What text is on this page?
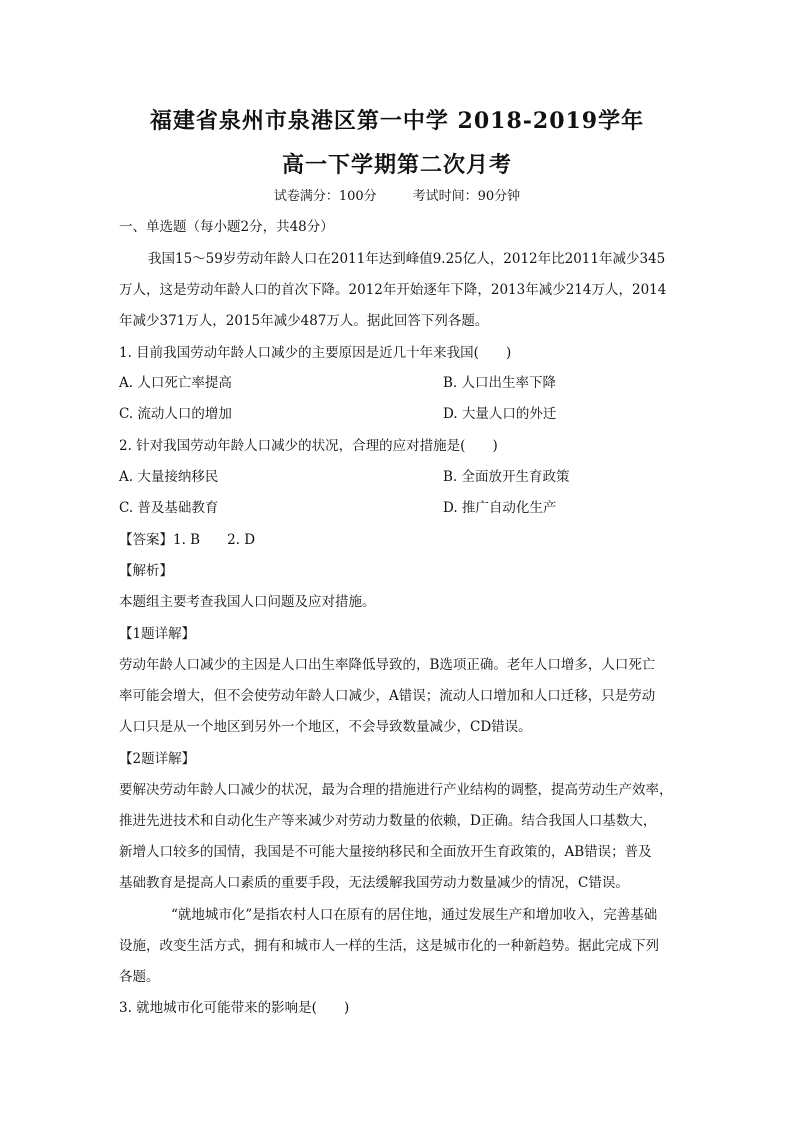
福建省泉州市泉港区第一中学 2018-2019学年
高一下学期第二次月考
试卷满分：100分	考试时间：90分钟
一、单选题（每小题2分，共48分）
我国15～59岁劳动年龄人口在2011年达到峰值9.25亿人，2012年比2011年减少345
万人，这是劳动年龄人口的首次下降。2012年开始逐年下降，2013年减少214万人，2014
年减少371万人，2015年减少487万人。据此回答下列各题。
1. 目前我国劳动年龄人口减少的主要原因是近几十年来我国(　　)
A. 人口死亡率提高	B. 人口出生率下降
C. 流动人口的增加	D. 大量人口的外迁
2. 针对我国劳动年龄人口减少的状况，合理的应对措施是(　　)
A. 大量接纳移民	B. 全面放开生育政策
C. 普及基础教育	D. 推广自动化生产
【答案】1. B　　2. D
【解析】
本题组主要考查我国人口问题及应对措施。
【1题详解】
劳动年龄人口减少的主因是人口出生率降低导致的，B选项正确。老年人口增多，人口死亡
率可能会增大，但不会使劳动年龄人口减少，A错误；流动人口增加和人口迁移，只是劳动
人口只是从一个地区到另外一个地区，不会导致数量减少，CD错误。
【2题详解】
要解决劳动年龄人口减少的状况，最为合理的措施进行产业结构的调整，提高劳动生产效率，
推进先进技术和自动化生产等来减少对劳动力数量的依赖，D正确。结合我国人口基数大，
新增人口较多的国情，我国是不可能大量接纳移民和全面放开生育政策的，AB错误；普及
基础教育是提高人口素质的重要手段，无法缓解我国劳动力数量减少的情况，C错误。
“就地城市化”是指农村人口在原有的居住地，通过发展生产和增加收入，完善基础
设施，改变生活方式，拥有和城市人一样的生活，这是城市化的一种新趋势。据此完成下列
各题。
3. 就地城市化可能带来的影响是(　　)
